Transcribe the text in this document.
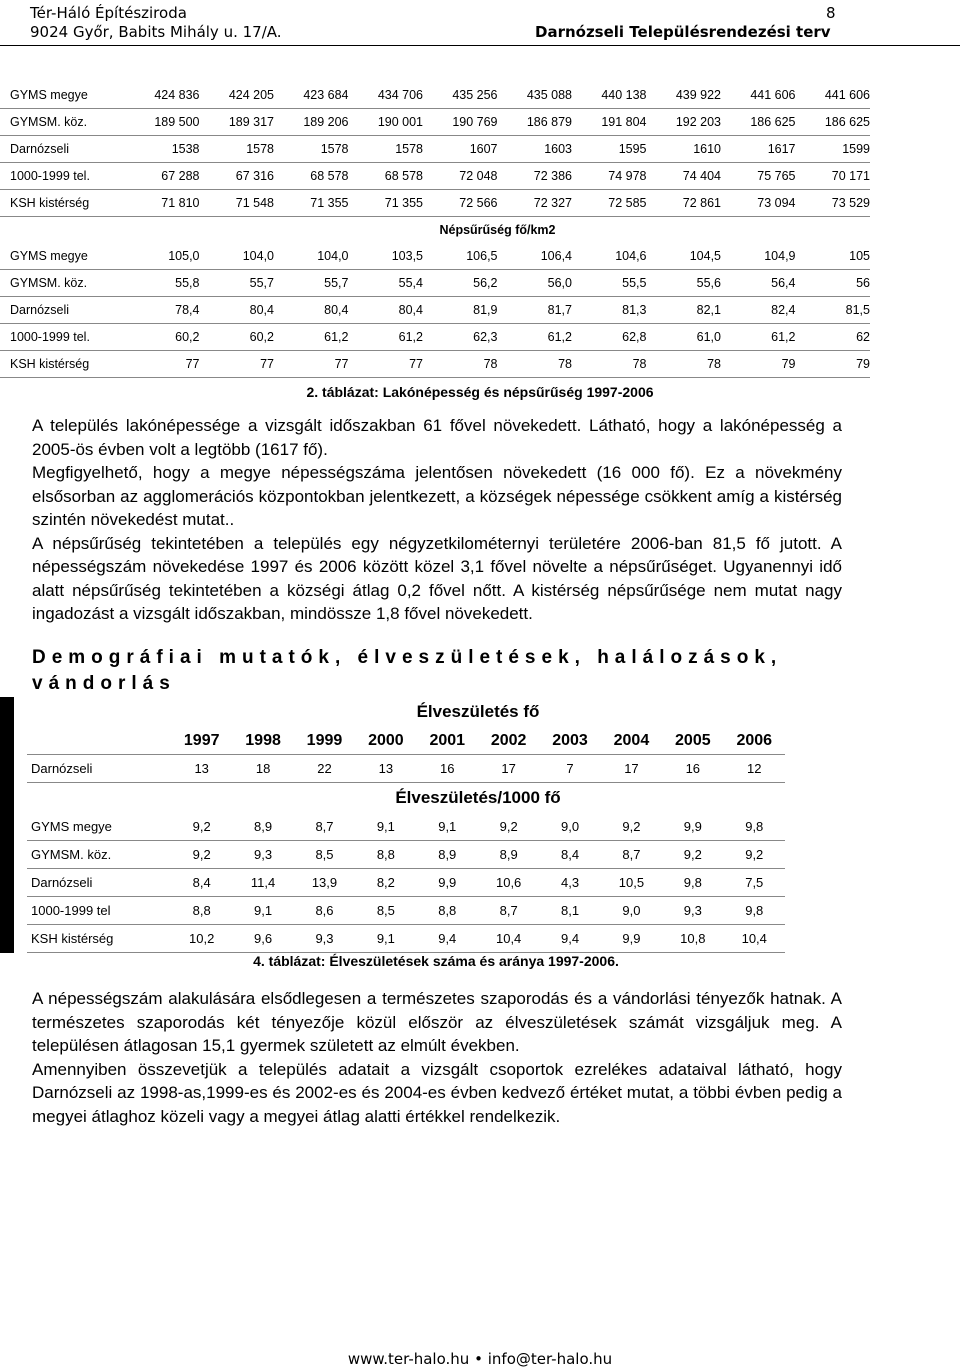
Tér-Háló Építésziroda
9024 Győr, Babits Mihály u. 17/A.	Darnózseli Településrendezési terv
8
GYMS megye	424 836	424 205	423 684	434 706	435 256	435 088	440 138	439 922	441 606	441 606
GYMSM. köz.	189 500	189 317	189 206	190 001	190 769	186 879	191 804	192 203	186 625	186 625
Darnózseli	1538	1578	1578	1578	1607	1603	1595	1610	1617	1599
1000-1999 tel.	67 288	67 316	68 578	68 578	72 048	72 386	74 978	74 404	75 765	70 171
KSH kistérség	71 810	71 548	71 355	71 355	72 566	72 327	72 585	72 861	73 094	73 529
	Népsűrűség fő/km2									
GYMS megye	105,0	104,0	104,0	103,5	106,5	106,4	104,6	104,5	104,9	105
GYMSM. köz.	55,8	55,7	55,7	55,4	56,2	56,0	55,5	55,6	56,4	56
Darnózseli	78,4	80,4	80,4	80,4	81,9	81,7	81,3	82,1	82,4	81,5
1000-1999 tel.	60,2	60,2	61,2	61,2	62,3	61,2	62,8	61,0	61,2	62
KSH kistérség	77	77	77	77	78	78	78	78	79	79
2. táblázat: Lakónépesség és népsűrűség 1997-2006

A település lakónépessége a vizsgált időszakban 61 fővel növekedett. Látható, hogy a lakónépesség a 2005-ös évben volt a legtöbb (1617 fő).

Megfigyelhető, hogy a megye népességszáma jelentősen növekedett (16 000 fő). Ez a növekmény elsősorban az agglomerációs központokban jelentkezett, a községek népessége csökkent amíg a kistérség szintén növekedést mutat..

A népsűrűség tekintetében a település egy négyzetkilométernyi területére 2006-ban 81,5 fő jutott. A népességszám növekedése 1997 és 2006 között közel 3,1 fővel növelte a népsűrűséget. Ugyanennyi idő alatt népsűrűség tekintetében a községi átlag 0,2 fővel nőtt. A kistérség népsűrűsége nem mutat nagy ingadozást a vizsgált időszakban, mindössze 1,8 fővel növekedett.

Demográfiai mutatók, élveszületések, halálozások, vándorlás
	Élveszületés fő									
	1997	1998	1999	2000	2001	2002	2003	2004	2005	2006
Darnózseli	13	18	22	13	16	17	7	17	16	12
	Élveszületés/1000 fő									
GYMS megye	9,2	8,9	8,7	9,1	9,1	9,2	9,0	9,2	9,9	9,8
GYMSM. köz.	9,2	9,3	8,5	8,8	8,9	8,9	8,4	8,7	9,2	9,2
Darnózseli	8,4	11,4	13,9	8,2	9,9	10,6	4,3	10,5	9,8	7,5
1000-1999 tel	8,8	9,1	8,6	8,5	8,8	8,7	8,1	9,0	9,3	9,8
KSH kistérség	10,2	9,6	9,3	9,1	9,4	10,4	9,4	9,9	10,8	10,4
4. táblázat: Élveszületések száma és aránya 1997-2006.

A népességszám alakulására elsődlegesen a természetes szaporodás és a vándorlási tényezők hatnak. A természetes szaporodás két tényezője közül először az élveszületések számát vizsgáljuk meg. A településen átlagosan 15,1 gyermek született az elmúlt években.

Amennyiben összevetjük a település adatait a vizsgált csoportok ezrelékes adataival látható, hogy Darnózseli az 1998-as,1999-es és 2002-es és 2004-es évben kedvező értéket mutat, a többi évben pedig a megyei átlaghoz közeli vagy a megyei átlag alatti értékkel rendelkezik.

www.ter-halo.hu • info@ter-halo.hu
